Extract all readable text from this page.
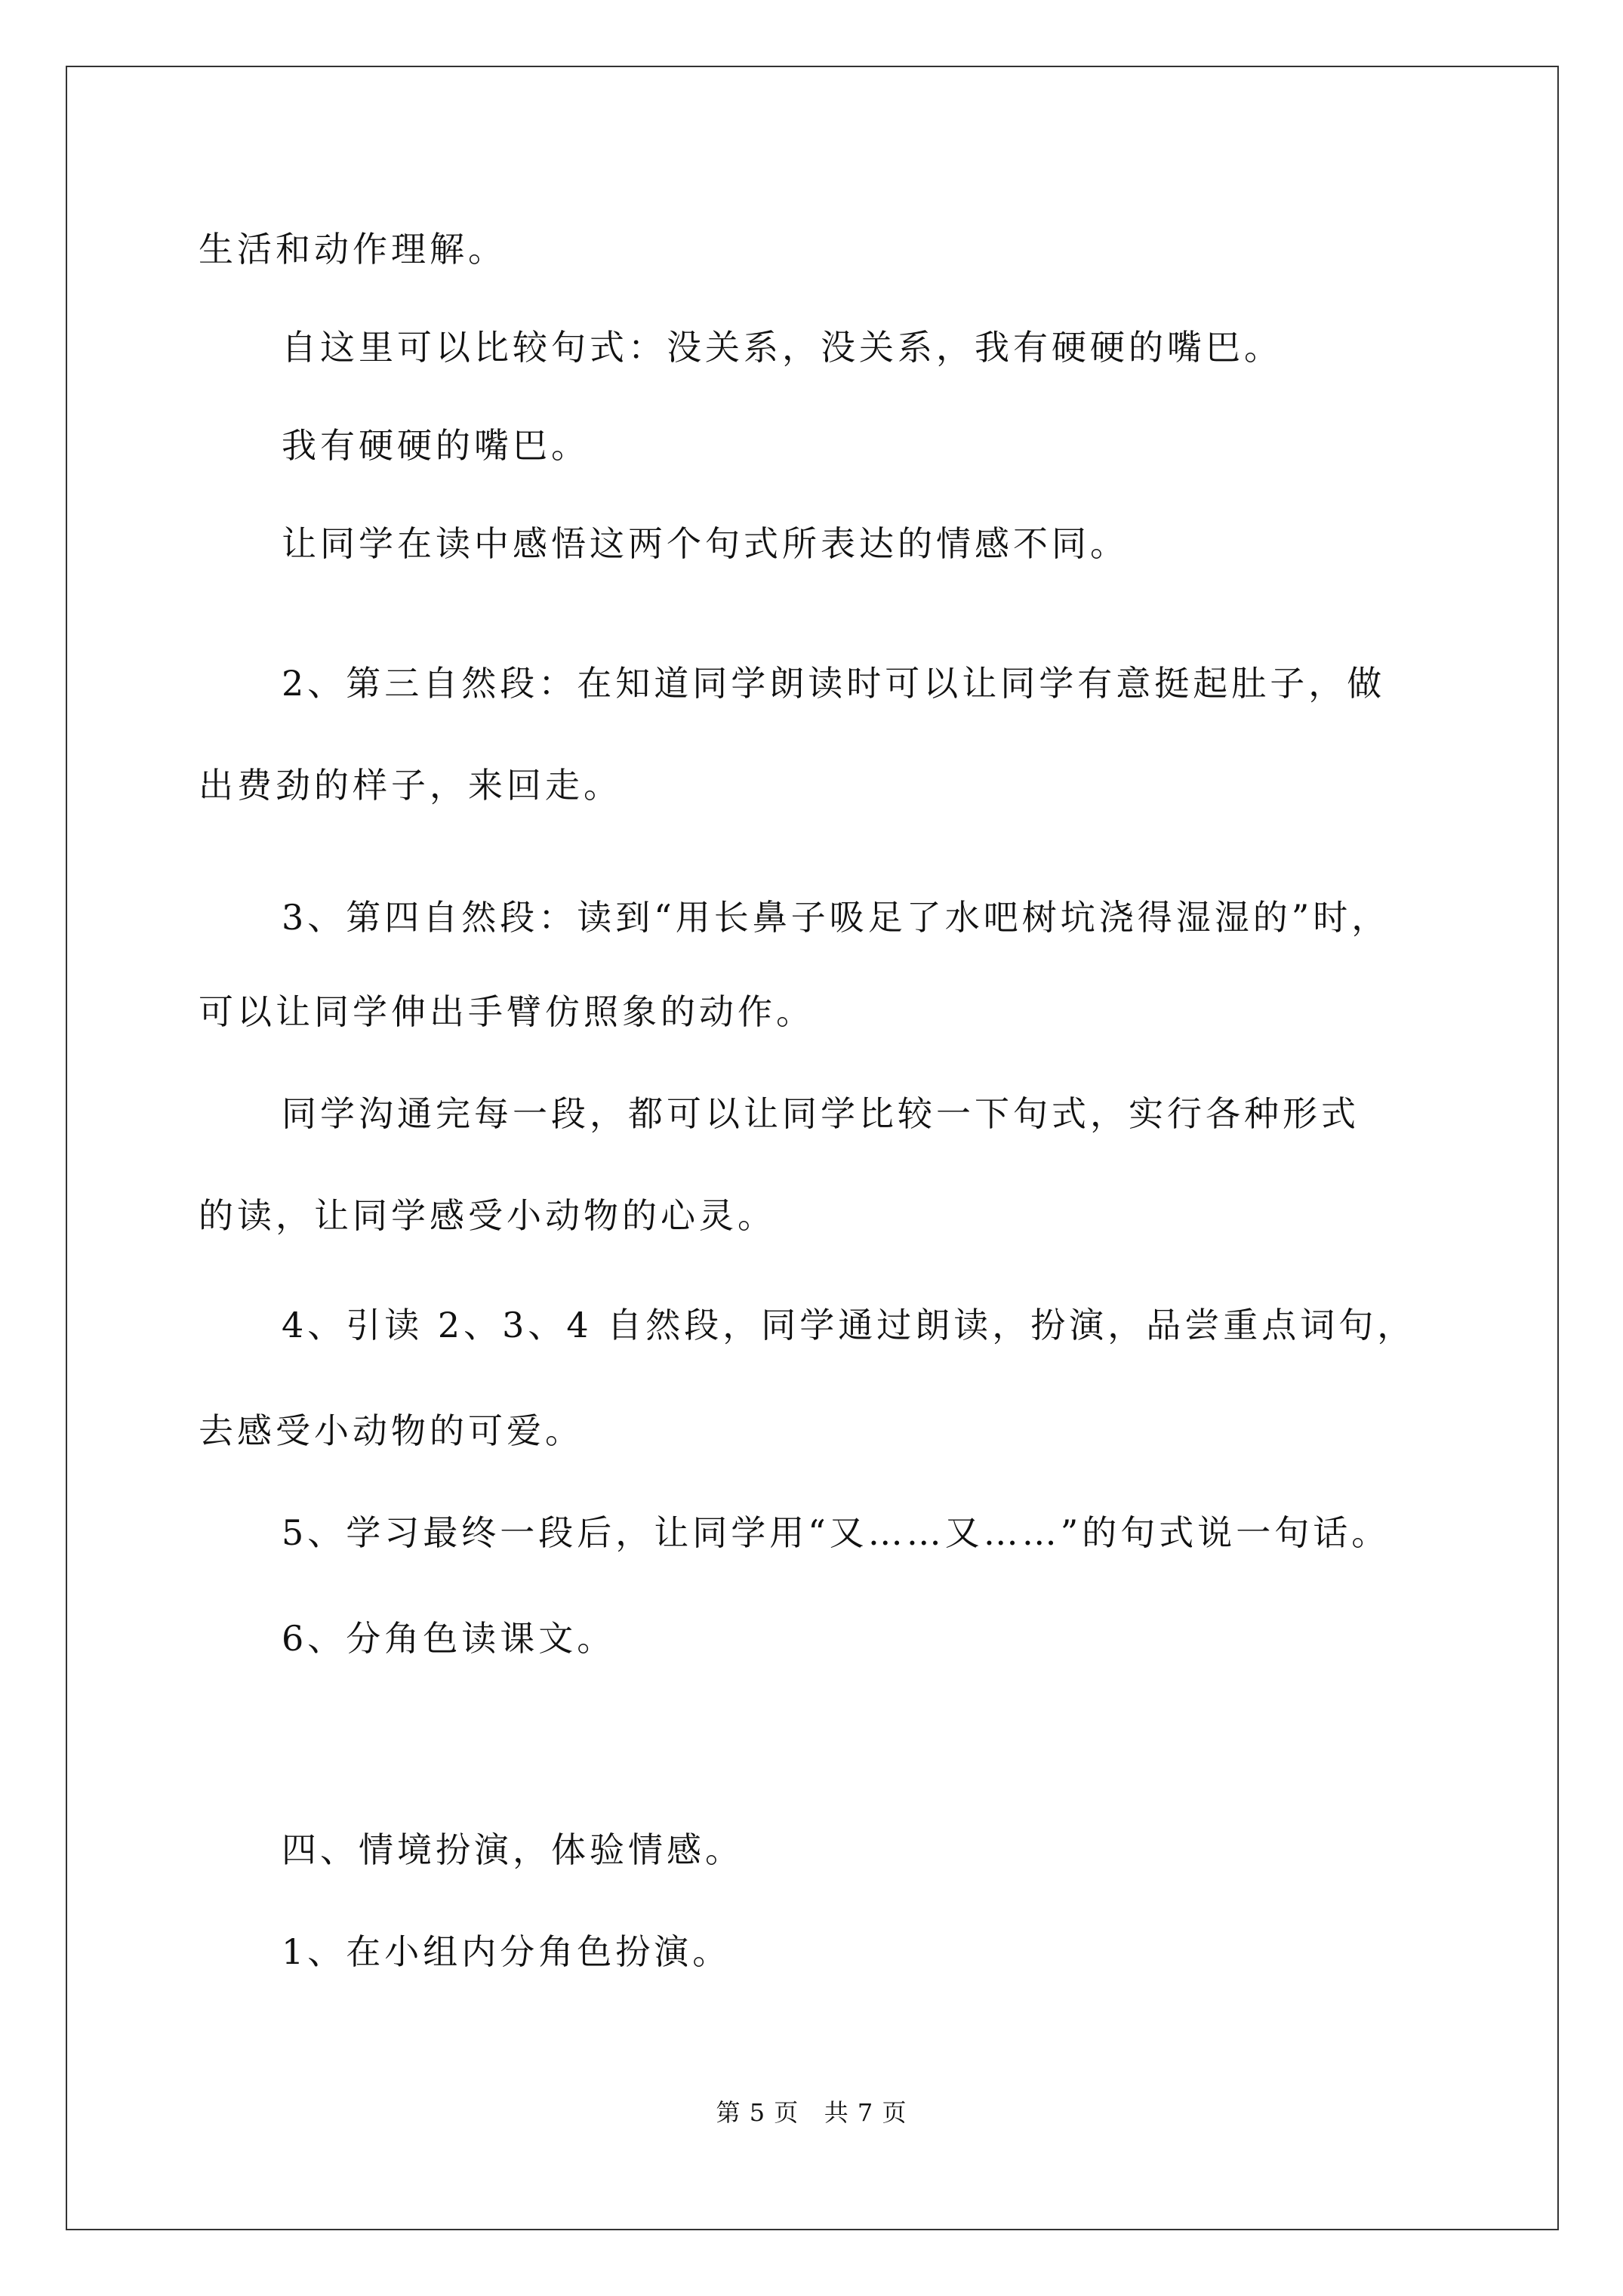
生活和动作理解。
自这里可以比较句式：没关系，没关系，我有硬硬的嘴巴。
我有硬硬的嘴巴。
让同学在读中感悟这两个句式所表达的情感不同。
2、第三自然段：在知道同学朗读时可以让同学有意挺起肚子，做
出费劲的样子，来回走。
3、第四自然段：读到“用长鼻子吸足了水吧树坑浇得湿湿的”时，
可以让同学伸出手臂仿照象的动作。
同学沟通完每一段，都可以让同学比较一下句式，实行各种形式
的读，让同学感受小动物的心灵。
4、引读 2、3、4 自然段，同学通过朗读，扮演，品尝重点词句，
去感受小动物的可爱。
5、学习最终一段后，让同学用“又……又……”的句式说一句话。
6、分角色读课文。
四、情境扮演，体验情感。
1、在小组内分角色扮演。
第 5 页   共 7 页
